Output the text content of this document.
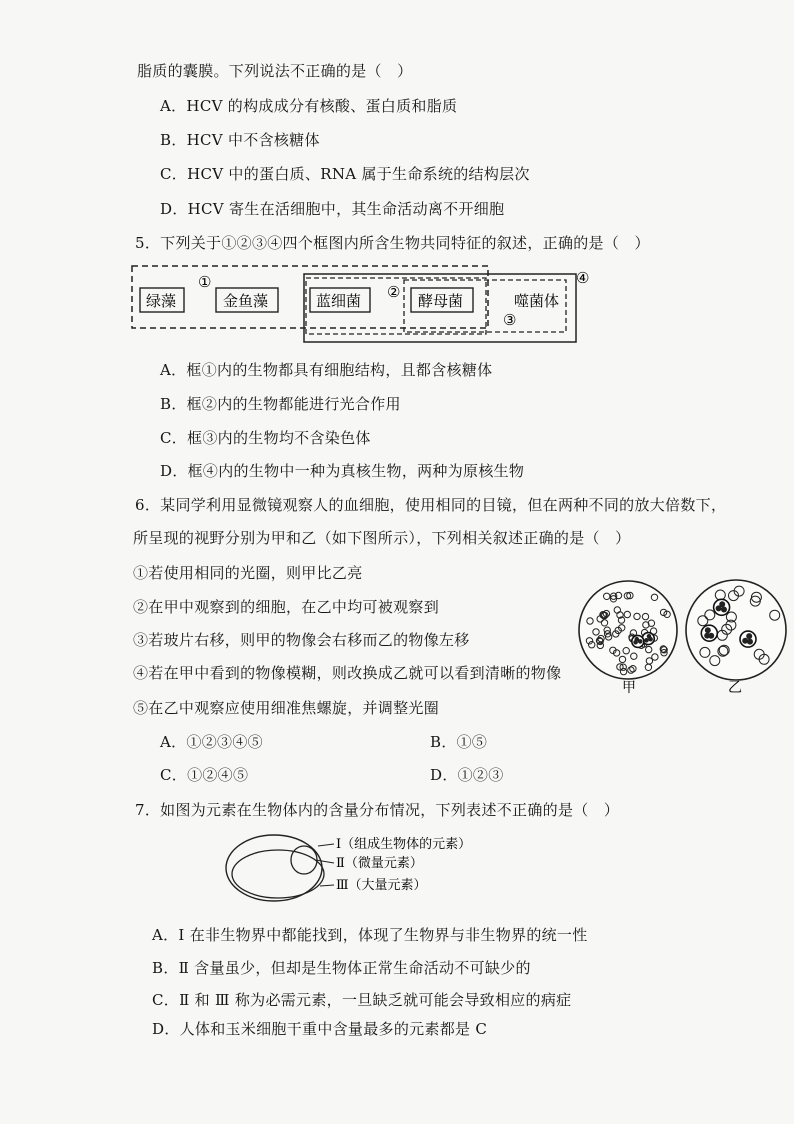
脂质的囊膜。下列说法不正确的是（　）
A．HCV 的构成成分有核酸、蛋白质和脂质
B．HCV 中不含核糖体
C．HCV 中的蛋白质、RNA 属于生命系统的结构层次
D．HCV 寄生在活细胞中，其生命活动离不开细胞
5．下列关于①②③④四个框图内所含生物共同特征的叙述，正确的是（　）
绿藻	金鱼藻	蓝细菌	酵母菌	噬菌体
①
②
③
④
A．框①内的生物都具有细胞结构，且都含核糖体
B．框②内的生物都能进行光合作用
C．框③内的生物均不含染色体
D．框④内的生物中一种为真核生物，两种为原核生物
6．某同学利用显微镜观察人的血细胞，使用相同的目镜，但在两种不同的放大倍数下，
所呈现的视野分别为甲和乙（如下图所示），下列相关叙述正确的是（　）
①若使用相同的光圈，则甲比乙亮
②在甲中观察到的细胞，在乙中均可被观察到
③若玻片右移，则甲的物像会右移而乙的物像左移
④若在甲中看到的物像模糊，则改换成乙就可以看到清晰的物像
⑤在乙中观察应使用细准焦螺旋，并调整光圈
甲	乙
A．①②③④⑤	B．①⑤
C．①②④⑤	D．①②③
7．如图为元素在生物体内的含量分布情况，下列表述不正确的是（　）
Ⅰ（组成生物体的元素）
Ⅱ（微量元素）
Ⅲ（大量元素）
A．Ⅰ 在非生物界中都能找到，体现了生物界与非生物界的统一性
B．Ⅱ 含量虽少，但却是生物体正常生命活动不可缺少的
C．Ⅱ 和 Ⅲ 称为必需元素，一旦缺乏就可能会导致相应的病症
D．人体和玉米细胞干重中含量最多的元素都是 C
